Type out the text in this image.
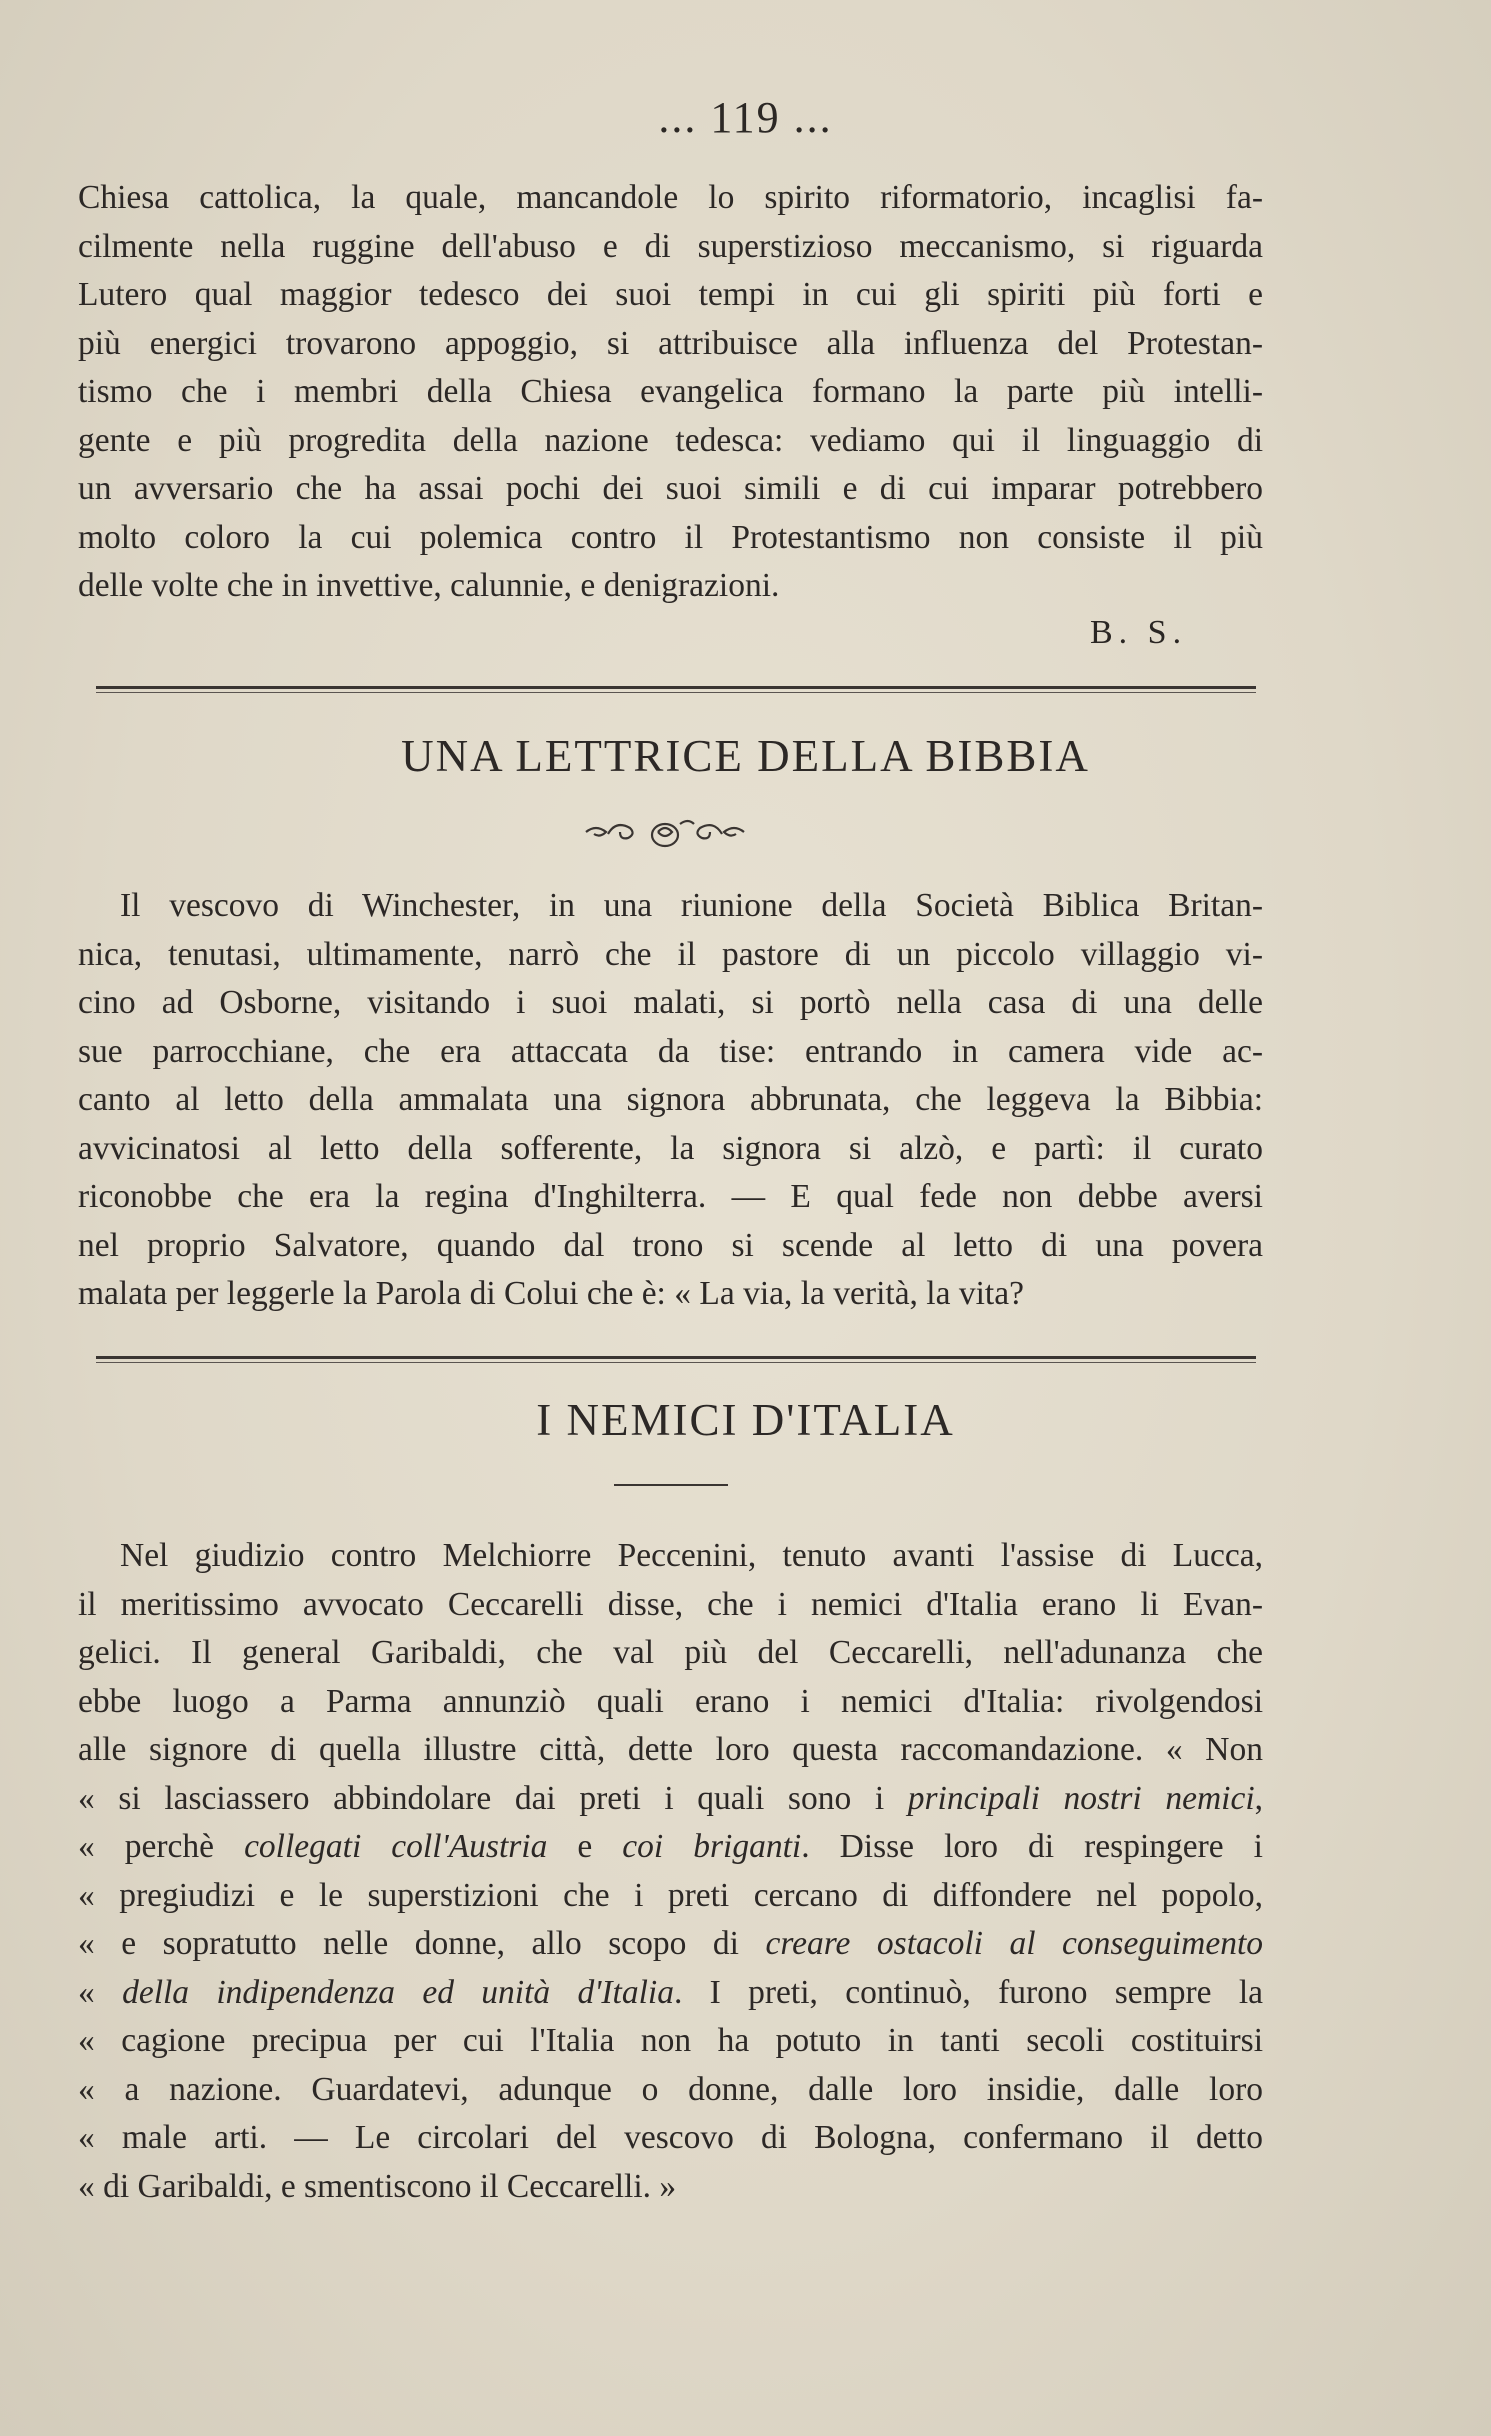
... 119 ...
Chiesa cattolica, la quale, mancandole lo spirito riformatorio, incaglisi fa-
cilmente nella ruggine dell'abuso e di superstizioso meccanismo, si riguarda
Lutero qual maggior tedesco dei suoi tempi in cui gli spiriti più forti e
più energici trovarono appoggio, si attribuisce alla influenza del Protestan-
tismo che i membri della Chiesa evangelica formano la parte più intelli-
gente e più progredita della nazione tedesca: vediamo qui il linguaggio di
un avversario che ha assai pochi dei suoi simili e di cui imparar potrebbero
molto coloro la cui polemica contro il Protestantismo non consiste il più
delle volte che in invettive, calunnie, e denigrazioni.
B. S.
UNA LETTRICE DELLA BIBBIA
Il vescovo di Winchester, in una riunione della Società Biblica Britan-
nica, tenutasi, ultimamente, narrò che il pastore di un piccolo villaggio vi-
cino ad Osborne, visitando i suoi malati, si portò nella casa di una delle
sue parrocchiane, che era attaccata da tise: entrando in camera vide ac-
canto al letto della ammalata una signora abbrunata, che leggeva la Bibbia:
avvicinatosi al letto della sofferente, la signora si alzò, e partì: il curato
riconobbe che era la regina d'Inghilterra. — E qual fede non debbe aversi
nel proprio Salvatore, quando dal trono si scende al letto di una povera
malata per leggerle la Parola di Colui che è: « La via, la verità, la vita?
I NEMICI D'ITALIA
Nel giudizio contro Melchiorre Peccenini, tenuto avanti l'assise di Lucca,
il meritissimo avvocato Ceccarelli disse, che i nemici d'Italia erano li Evan-
gelici. Il general Garibaldi, che val più del Ceccarelli, nell'adunanza che
ebbe luogo a Parma annunziò quali erano i nemici d'Italia: rivolgendosi
alle signore di quella illustre città, dette loro questa raccomandazione. « Non
« si lasciassero abbindolare dai preti i quali sono i principali nostri nemici,
« perchè collegati coll'Austria e coi briganti. Disse loro di respingere i
« pregiudizi e le superstizioni che i preti cercano di diffondere nel popolo,
« e sopratutto nelle donne, allo scopo di creare ostacoli al conseguimento
« della indipendenza ed unità d'Italia. I preti, continuò, furono sempre la
« cagione precipua per cui l'Italia non ha potuto in tanti secoli costituirsi
« a nazione. Guardatevi, adunque o donne, dalle loro insidie, dalle loro
« male arti. — Le circolari del vescovo di Bologna, confermano il detto
« di Garibaldi, e smentiscono il Ceccarelli. »
